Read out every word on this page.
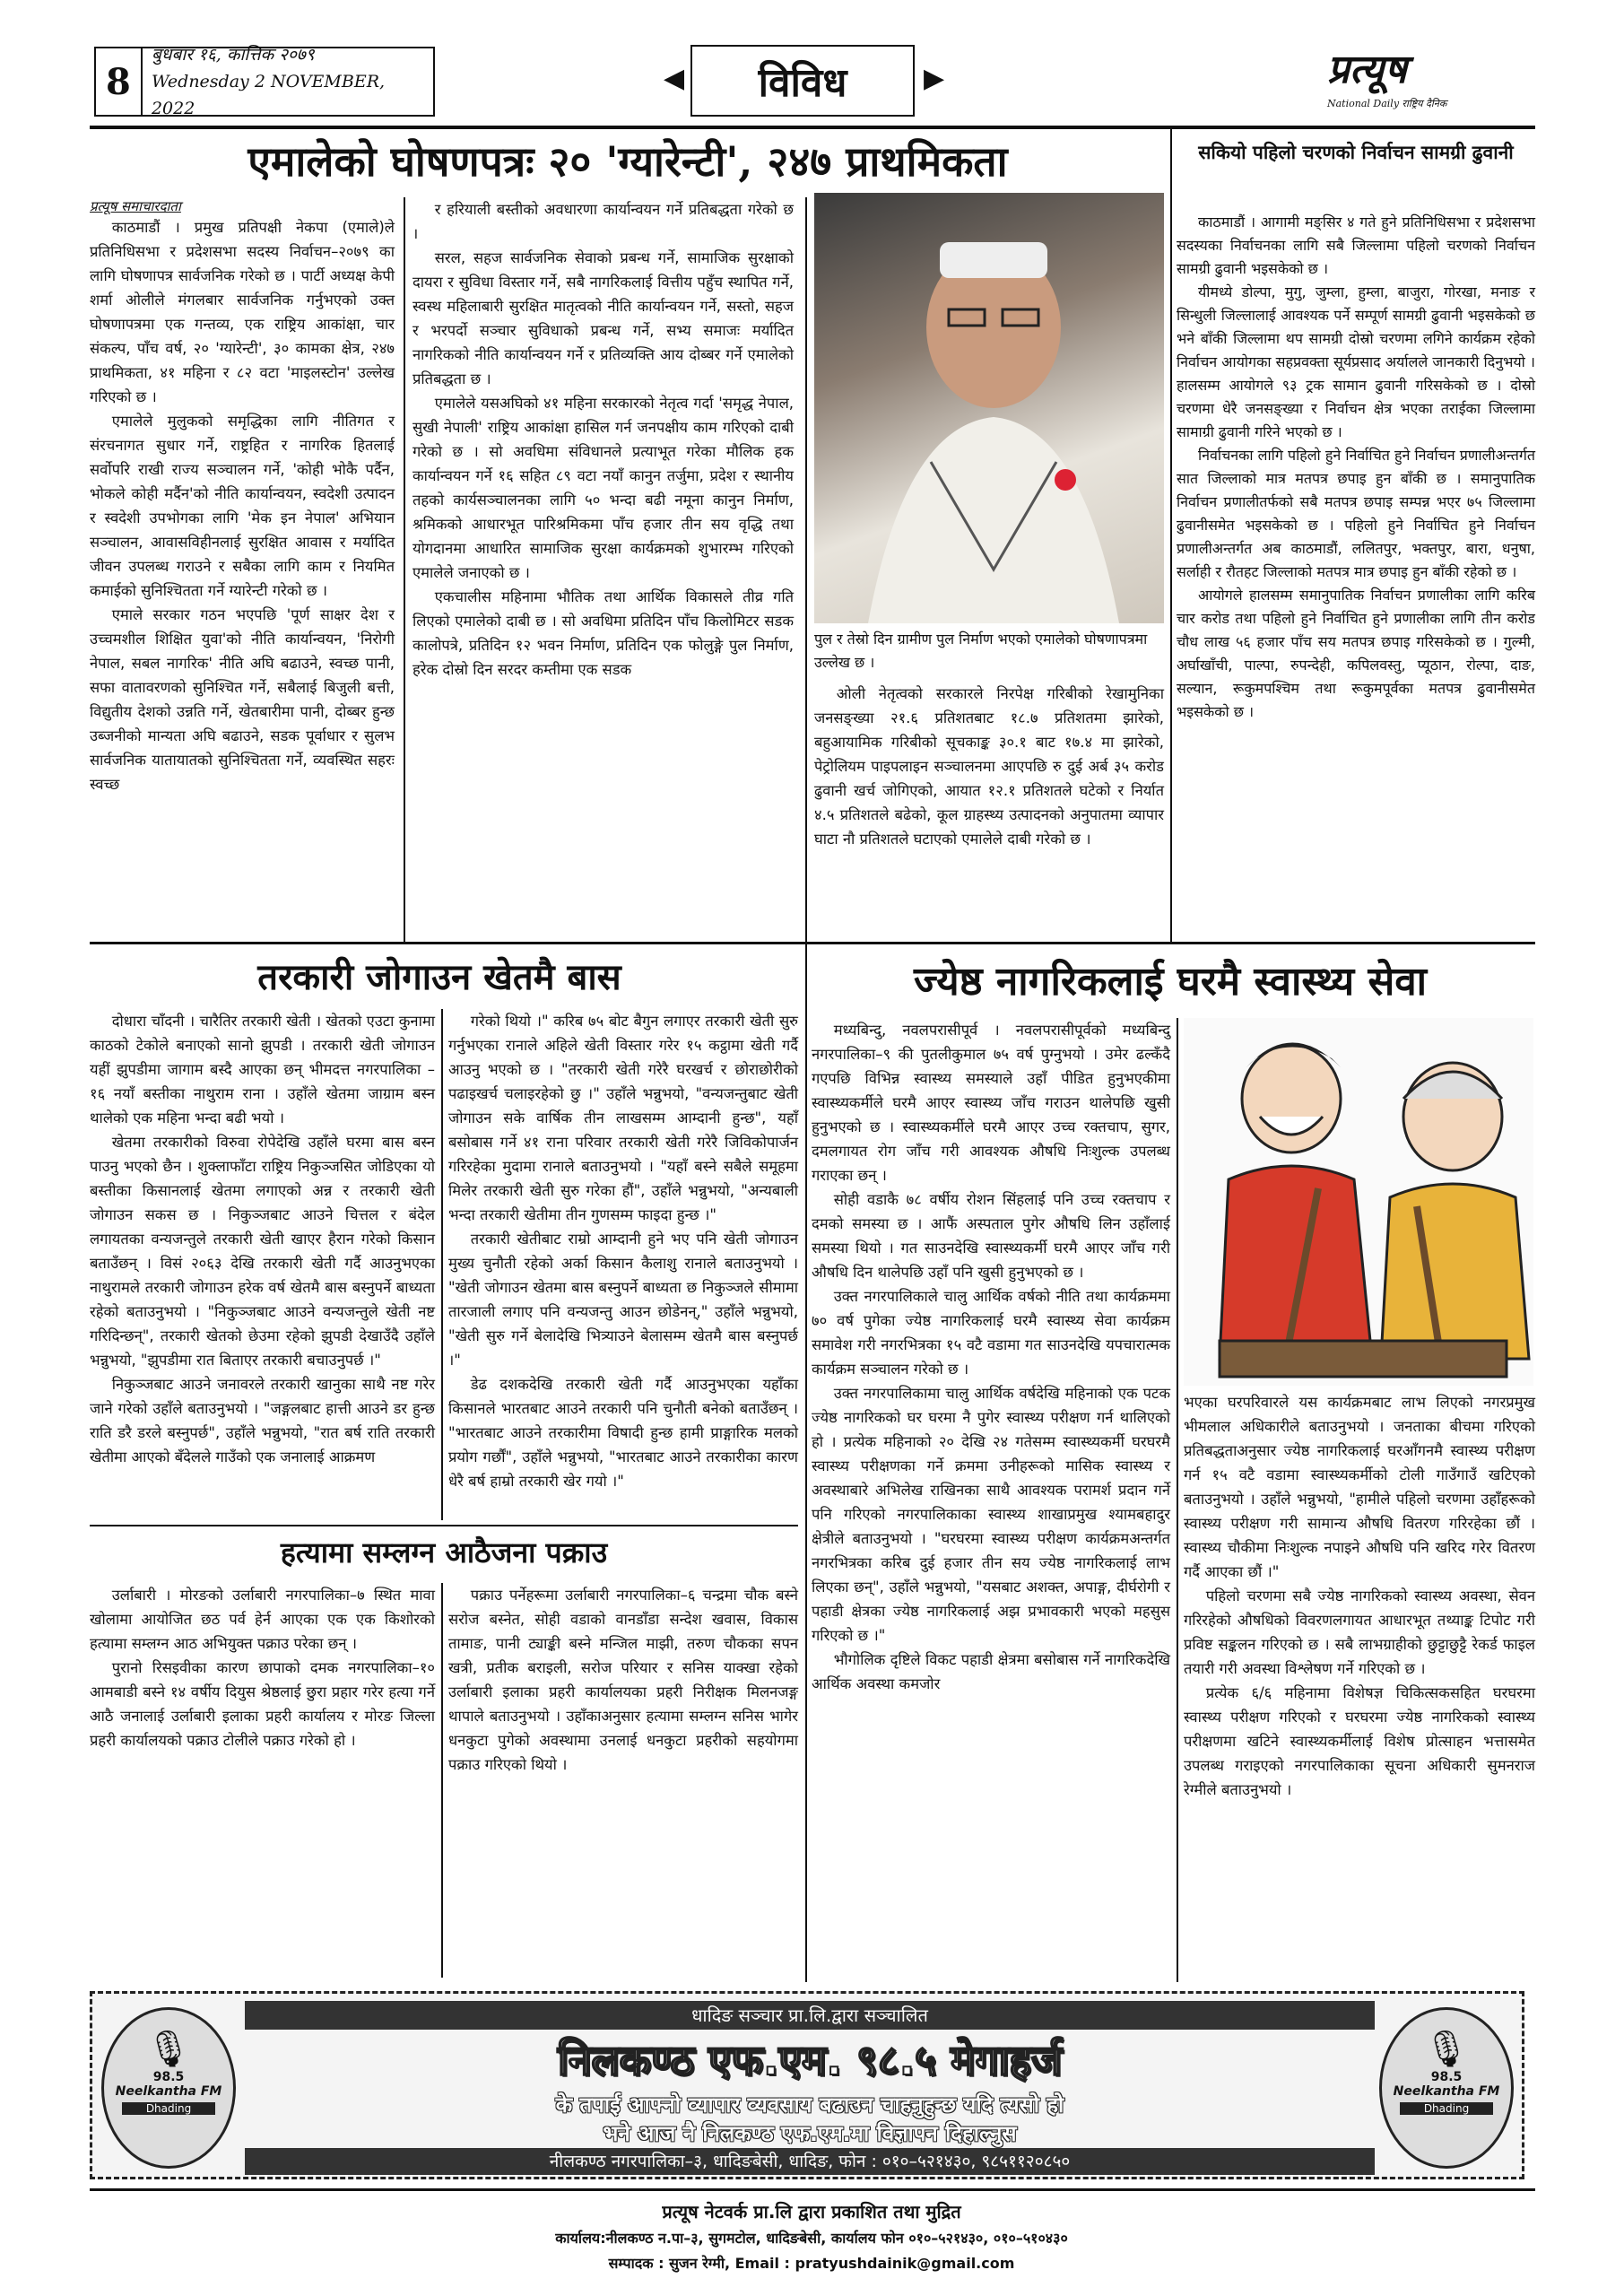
8
बुधबार १६, कात्तिक २०७९
Wednesday 2 NOVEMBER, 2022
◀	विविध	▶	प्रत्यूष
National Daily राष्ट्रिय दैनिक
एमालेको घोषणपत्रः २० 'ग्यारेन्टी', २४७ प्राथमिकता
प्रत्यूष समाचारदाता

काठमाडौं । प्रमुख प्रतिपक्षी नेकपा (एमाले)ले प्रतिनिधिसभा र प्रदेशसभा सदस्य निर्वाचन–२०७९ का लागि घोषणापत्र सार्वजनिक गरेको छ । पार्टी अध्यक्ष केपी शर्मा ओलीले मंगलबार सार्वजनिक गर्नुभएको उक्त घोषणापत्रमा एक गन्तव्य, एक राष्ट्रिय आकांक्षा, चार संकल्प, पाँच वर्ष, २० 'ग्यारेन्टी', ३० कामका क्षेत्र, २४७ प्राथमिकता, ४१ महिना र ८२ वटा 'माइलस्टोन' उल्लेख गरिएको छ ।

एमालेले मुलुकको समृद्धिका लागि नीतिगत र संरचनागत सुधार गर्ने, राष्ट्रहित र नागरिक हितलाई सर्वोपरि राखी राज्य सञ्चालन गर्ने, 'कोही भोकै पर्दैन, भोकले कोही मर्दैन'को नीति कार्यान्वयन, स्वदेशी उत्पादन र स्वदेशी उपभोगका लागि 'मेक इन नेपाल' अभियान सञ्चालन, आवासविहीनलाई सुरक्षित आवास र मर्यादित जीवन उपलब्ध गराउने र सबैका लागि काम र नियमित कमाईको सुनिश्चितता गर्ने ग्यारेन्टी गरेको छ ।

एमाले सरकार गठन भएपछि 'पूर्ण साक्षर देश र उच्चमशील शिक्षित युवा'को नीति कार्यान्वयन, 'निरोगी नेपाल, सबल नागरिक' नीति अघि बढाउने, स्वच्छ पानी, सफा वातावरणको सुनिश्चित गर्ने, सबैलाई बिजुली बत्ती, विद्युतीय देशको उन्नति गर्ने, खेतबारीमा पानी, दोब्बर हुन्छ उब्जनीको मान्यता अघि बढाउने, सडक पूर्वाधार र सुलभ सार्वजनिक यातायातको सुनिश्चितता गर्ने, व्यवस्थित सहरः स्वच्छ

र हरियाली बस्तीको अवधारणा कार्यान्वयन गर्ने प्रतिबद्धता गरेको छ ।

सरल, सहज सार्वजनिक सेवाको प्रबन्ध गर्ने, सामाजिक सुरक्षाको दायरा र सुविधा विस्तार गर्ने, सबै नागरिकलाई वित्तीय पहुँच स्थापित गर्ने, स्वस्थ महिलाबारी सुरक्षित मातृत्वको नीति कार्यान्वयन गर्ने, सस्तो, सहज र भरपर्दो सञ्चार सुविधाको प्रबन्ध गर्ने, सभ्य समाजः मर्यादित नागरिकको नीति कार्यान्वयन गर्ने र प्रतिव्यक्ति आय दोब्बर गर्ने एमालेको प्रतिबद्धता छ ।

एमालेले यसअघिको ४१ महिना सरकारको नेतृत्व गर्दा 'समृद्ध नेपाल, सुखी नेपाली' राष्ट्रिय आकांक्षा हासिल गर्न जनपक्षीय काम गरिएको दाबी गरेको छ । सो अवधिमा संविधानले प्रत्याभूत गरेका मौलिक हक कार्यान्वयन गर्ने १६ सहित ८९ वटा नयाँ कानुन तर्जुमा, प्रदेश र स्थानीय तहको कार्यसञ्चालनका लागि ५० भन्दा बढी नमूना कानुन निर्माण, श्रमिकको आधारभूत पारिश्रमिकमा पाँच हजार तीन सय वृद्धि तथा योगदानमा आधारित सामाजिक सुरक्षा कार्यक्रमको शुभारम्भ गरिएको एमालेले जनाएको छ ।

एकचालीस महिनामा भौतिक तथा आर्थिक विकासले तीव्र गति लिएको एमालेको दाबी छ । सो अवधिमा प्रतिदिन पाँच किलोमिटर सडक कालोपत्रे, प्रतिदिन १२ भवन निर्माण, प्रतिदिन एक फोलुङ्गे पुल निर्माण, हरेक दोस्रो दिन सरदर कम्तीमा एक सडक

पुल र तेस्रो दिन ग्रामीण पुल निर्माण भएको एमालेको घोषणापत्रमा उल्लेख छ ।

ओली नेतृत्वको सरकारले निरपेक्ष गरिबीको रेखामुनिका जनसङ्ख्या २१.६ प्रतिशतबाट १८.७ प्रतिशतमा झारेको, बहुआयामिक गरिबीको सूचकाङ्क ३०.१ बाट १७.४ मा झारेको, पेट्रोलियम पाइपलाइन सञ्चालनमा आएपछि रु दुई अर्ब ३५ करोड ढुवानी खर्च जोगिएको, आयात १२.१ प्रतिशतले घटेको र निर्यात ४.५ प्रतिशतले बढेको, कूल ग्राहस्थ्य उत्पादनको अनुपातमा व्यापार घाटा नौ प्रतिशतले घटाएको एमालेले दाबी गरेको छ ।

सकियो पहिलो चरणको निर्वाचन सामग्री ढुवानी

काठमाडौं । आगामी मङ्सिर ४ गते हुने प्रतिनिधिसभा र प्रदेशसभा सदस्यका निर्वाचनका लागि सबै जिल्लामा पहिलो चरणको निर्वाचन सामग्री ढुवानी भइसकेको छ ।

यीमध्ये डोल्पा, मुगु, जुम्ला, हुम्ला, बाजुरा, गोरखा, मनाङ र सिन्धुली जिल्लालाई आवश्यक पर्ने सम्पूर्ण सामग्री ढुवानी भइसकेको छ भने बाँकी जिल्लामा थप सामग्री दोस्रो चरणमा लगिने कार्यक्रम रहेको निर्वाचन आयोगका सहप्रवक्ता सूर्यप्रसाद अर्यालले जानकारी दिनुभयो । हालसम्म आयोगले ९३ ट्रक सामान ढुवानी गरिसकेको छ । दोस्रो चरणमा धेरै जनसङ्ख्या र निर्वाचन क्षेत्र भएका तराईका जिल्लामा सामाग्री ढुवानी गरिने भएको छ ।

निर्वाचनका लागि पहिलो हुने निर्वाचित हुने निर्वाचन प्रणालीअन्तर्गत सात जिल्लाको मात्र मतपत्र छपाइ हुन बाँकी छ । समानुपातिक निर्वाचन प्रणालीतर्फको सबै मतपत्र छपाइ सम्पन्न भएर ७५ जिल्लामा ढुवानीसमेत भइसकेको छ । पहिलो हुने निर्वाचित हुने निर्वाचन प्रणालीअन्तर्गत अब काठमाडौं, ललितपुर, भक्तपुर, बारा, धनुषा, सर्लाही र रौतहट जिल्लाको मतपत्र मात्र छपाइ हुन बाँकी रहेको छ ।

आयोगले हालसम्म समानुपातिक निर्वाचन प्रणालीका लागि करिब चार करोड तथा पहिलो हुने निर्वाचित हुने प्रणालीका लागि तीन करोड चौध लाख ५६ हजार पाँच सय मतपत्र छपाइ गरिसकेको छ । गुल्मी, अर्घाखाँची, पाल्पा, रुपन्देही, कपिलवस्तु, प्यूठान, रोल्पा, दाङ, सल्यान, रूकुमपश्चिम तथा रूकुमपूर्वका मतपत्र ढुवानीसमेत भइसकेको छ ।

तरकारी जोगाउन खेतमै बास

दोधारा चाँदनी । चारैतिर तरकारी खेती । खेतको एउटा कुनामा काठको टेकोले बनाएको सानो झुपडी । तरकारी खेती जोगाउन यहीं झुपडीमा जागाम बस्दै आएका छन् भीमदत्त नगरपालिका – १६ नयाँ बस्तीका नाथुराम राना । उहाँले खेतमा जाग्राम बस्न थालेको एक महिना भन्दा बढी भयो ।

खेतमा तरकारीको विरुवा रोपेदेखि उहाँले घरमा बास बस्न पाउनु भएको छैन । शुक्लाफाँटा राष्ट्रिय निकुञ्जसित जोडिएका यो बस्तीका किसानलाई खेतमा लगाएको अन्न र तरकारी खेती जोगाउन सकस छ । निकुञ्जबाट आउने चित्तल र बंदेल लगायतका वन्यजन्तुले तरकारी खेती खाएर हैरान गरेको किसान बताउँछन् । विसं २०६३ देखि तरकारी खेती गर्दै आउनुभएका नाथुरामले तरकारी जोगाउन हरेक वर्ष खेतमै बास बस्नुपर्ने बाध्यता रहेको बताउनुभयो । "निकुञ्जबाट आउने वन्यजन्तुले खेती नष्ट गरिदिन्छन्", तरकारी खेतको छेउमा रहेको झुपडी देखाउँदै उहाँले भन्नुभयो, "झुपडीमा रात बिताएर तरकारी बचाउनुपर्छ ।"

निकुञ्जबाट आउने जनावरले तरकारी खानुका साथै नष्ट गरेर जाने गरेको उहाँले बताउनुभयो । "जङ्गलबाट हात्ती आउने डर हुन्छ राति डरै डरले बस्नुपर्छ", उहाँले भन्नुभयो, "रात बर्ष राति तरकारी खेतीमा आएको बँदेलले गाउँको एक जनालाई आक्रमण

गरेको थियो ।" करिब ७५ बोट बैगुन लगाएर तरकारी खेती सुरु गर्नुभएका रानाले अहिले खेती विस्तार गरेर १५ कट्ठामा खेती गर्दै आउनु भएको छ । "तरकारी खेती गरेरै घरखर्च र छोराछोरीको पढाइखर्च चलाइरहेको छु ।" उहाँले भन्नुभयो, "वन्यजन्तुबाट खेती जोगाउन सके वार्षिक तीन लाखसम्म आम्दानी हुन्छ", यहाँ बसोबास गर्ने ४१ राना परिवार तरकारी खेती गरेरै जिविकोपार्जन गरिरहेका मुदामा रानाले बताउनुभयो । "यहाँ बस्ने सबैले समूहमा मिलेर तरकारी खेती सुरु गरेका हौं", उहाँले भन्नुभयो, "अन्यबाली भन्दा तरकारी खेतीमा तीन गुणसम्म फाइदा हुन्छ ।"

तरकारी खेतीबाट राम्रो आम्दानी हुने भए पनि खेती जोगाउन मुख्य चुनौती रहेको अर्का किसान कैलाशु रानाले बताउनुभयो । "खेती जोगाउन खेतमा बास बस्नुपर्ने बाध्यता छ निकुञ्जले सीमामा तारजाली लगाए पनि वन्यजन्तु आउन छोडेनन्," उहाँले भन्नुभयो, "खेती सुरु गर्ने बेलादेखि भित्र्याउने बेलासम्म खेतमै बास बस्नुपर्छ ।"

डेढ दशकदेखि तरकारी खेती गर्दै आउनुभएका यहाँका किसानले भारतबाट आउने तरकारी पनि चुनौती बनेको बताउँछन् । "भारतबाट आउने तरकारीमा विषादी हुन्छ हामी प्राङ्गारिक मलको प्रयोग गर्छौं", उहाँले भन्नुभयो, "भारतबाट आउने तरकारीका कारण धेरै बर्ष हाम्रो तरकारी खेर गयो ।"

हत्यामा सम्लग्न आठैजना पक्राउ

उर्लाबारी । मोरङको उर्लाबारी नगरपालिका–७ स्थित मावा खोलामा आयोजित छठ पर्व हेर्न आएका एक एक किशोरको हत्यामा सम्लग्न आठ अभियुक्त पक्राउ परेका छन् ।

पुरानो रिसइवीका कारण छापाको दमक नगरपालिका–१० आमबाडी बस्ने १४ वर्षीय दियुस श्रेष्ठलाई छुरा प्रहार गरेर हत्या गर्ने आठै जनालाई उर्लाबारी इलाका प्रहरी कार्यालय र मोरङ जिल्ला प्रहरी कार्यालयको पक्राउ टोलीले पक्राउ गरेको हो ।

पक्राउ पर्नेहरूमा उर्लाबारी नगरपालिका–६ चन्द्रमा चौक बस्ने सरोज बस्नेत, सोही वडाको वानडाँडा सन्देश खवास, विकास तामाङ, पानी ट्याङ्की बस्ने मन्जिल माझी, तरुण चौकका सपन खत्री, प्रतीक बराइली, सरोज परियार र सनिस याक्खा रहेको उर्लाबारी इलाका प्रहरी कार्यालयका प्रहरी निरीक्षक मिलनजङ्ग थापाले बताउनुभयो । उहाँकाअनुसार हत्यामा सम्लग्न सनिस भागेर धनकुटा पुगेको अवस्थामा उनलाई धनकुटा प्रहरीको सहयोगमा पक्राउ गरिएको थियो ।

ज्येष्ठ नागरिकलाई घरमै स्वास्थ्य सेवा

मध्यबिन्दु, नवलपरासीपूर्व । नवलपरासीपूर्वको मध्यबिन्दु नगरपालिका–९ की पुतलीकुमाल ७५ वर्ष पुग्नुभयो । उमेर ढल्कँदै गएपछि विभिन्न स्वास्थ्य समस्याले उहाँ पीडित हुनुभएकीमा स्वास्थ्यकर्मीले घरमै आएर स्वास्थ्य जाँच गराउन थालेपछि खुसी हुनुभएको छ । स्वास्थ्यकर्मीले घरमै आएर उच्च रक्तचाप, सुगर, दमलगायत रोग जाँच गरी आवश्यक औषधि निःशुल्क उपलब्ध गराएका छन् ।

सोही वडाकै ७८ वर्षीय रोशन सिंहलाई पनि उच्च रक्तचाप र दमको समस्या छ । आफैं अस्पताल पुगेर औषधि लिन उहाँलाई समस्या थियो । गत साउनदेखि स्वास्थ्यकर्मी घरमै आएर जाँच गरी औषधि दिन थालेपछि उहाँ पनि खुसी हुनुभएको छ ।

उक्त नगरपालिकाले चालु आर्थिक वर्षको नीति तथा कार्यक्रममा ७० वर्ष पुगेका ज्येष्ठ नागरिकलाई घरमै स्वास्थ्य सेवा कार्यक्रम समावेश गरी नगरभित्रका १५ वटै वडामा गत साउनदेखि यपचारात्मक कार्यक्रम सञ्चालन गरेको छ ।

उक्त नगरपालिकामा चालु आर्थिक वर्षदेखि महिनाको एक पटक ज्येष्ठ नागरिकको घर घरमा नै पुगेर स्वास्थ्य परीक्षण गर्न थालिएको हो । प्रत्येक महिनाको २० देखि २४ गतेसम्म स्वास्थ्यकर्मी घरघरमै स्वास्थ्य परीक्षणका गर्ने क्रममा उनीहरूको मासिक स्वास्थ्य र अवस्थाबारे अभिलेख राखिनका साथै आवश्यक परामर्श प्रदान गर्ने पनि गरिएको नगरपालिकाका स्वास्थ्य शाखाप्रमुख श्यामबहादुर क्षेत्रीले बताउनुभयो । "घरघरमा स्वास्थ्य परीक्षण कार्यक्रमअन्तर्गत नगरभित्रका करिब दुई हजार तीन सय ज्येष्ठ नागरिकलाई लाभ लिएका छन्", उहाँले भन्नुभयो, "यसबाट अशक्त, अपाङ्ग, दीर्घरोगी र पहाडी क्षेत्रका ज्येष्ठ नागरिकलाई अझ प्रभावकारी भएको महसुस गरिएको छ ।"

भौगोलिक दृष्टिले विकट पहाडी क्षेत्रमा बसोबास गर्ने नागरिकदेखि आर्थिक अवस्था कमजोर

भएका घरपरिवारले यस कार्यक्रमबाट लाभ लिएको नगरप्रमुख भीमलाल अधिकारीले बताउनुभयो । जनताका बीचमा गरिएको प्रतिबद्धताअनुसार ज्येष्ठ नागरिकलाई घरआँगनमै स्वास्थ्य परीक्षण गर्न १५ वटै वडामा स्वास्थ्यकर्मीको टोली गाउँगाउँ खटिएको बताउनुभयो । उहाँले भन्नुभयो, "हामीले पहिलो चरणमा उहाँहरूको स्वास्थ्य परीक्षण गरी सामान्य औषधि वितरण गरिरहेका छौं । स्वास्थ्य चौकीमा निःशुल्क नपाइने औषधि पनि खरिद गरेर वितरण गर्दै आएका छौं ।"

पहिलो चरणमा सबै ज्येष्ठ नागरिकको स्वास्थ्य अवस्था, सेवन गरिरहेको औषधिको विवरणलगायत आधारभूत तथ्याङ्क टिपोट गरी प्रविष्ट सङ्कलन गरिएको छ । सबै लाभग्राहीको छुट्टाछुट्टै रेकर्ड फाइल तयारी गरी अवस्था विश्लेषण गर्ने गरिएको छ ।

प्रत्येक ६/६ महिनामा विशेषज्ञ चिकित्सकसहित घरघरमा स्वास्थ्य परीक्षण गरिएको र घरघरमा ज्येष्ठ नागरिकको स्वास्थ्य परीक्षणमा खटिने स्वास्थ्यकर्मीलाई विशेष प्रोत्साहन भत्तासमेत उपलब्ध गराइएको नगरपालिकाका सूचना अधिकारी सुमनराज रेग्मीले बताउनुभयो ।

धादिङ सञ्चार प्रा.लि.द्वारा सञ्चालित
निलकण्ठ एफ.एम. ९८.५ मेगाहर्ज
के तपाई आफ्नो व्यापार व्यवसाय बढाउन चाहनुहुन्छ यदि त्यसो हो
भने आज नै निलकण्ठ एफ.एम.मा विज्ञापन दिहाल्नुस
नीलकण्ठ नगरपालिका–३, धादिङबेसी, धादिङ, फोन : ०१०–५२१४३०, ९८५११२०८५०
🎙
98.5
Neelkantha FM
Dhading
🎙
98.5
Neelkantha FM
Dhading
प्रत्यूष नेटवर्क प्रा.लि द्वारा प्रकाशित तथा मुद्रित
कार्यालय:नीलकण्ठ न.पा–३, सुगमटोल, धादिङबेसी, कार्यालय फोन ०१०–५२१४३०, ०१०–५१०४३०
सम्पादक : सुजन रेग्मी, Email : pratyushdainik@gmail.com
